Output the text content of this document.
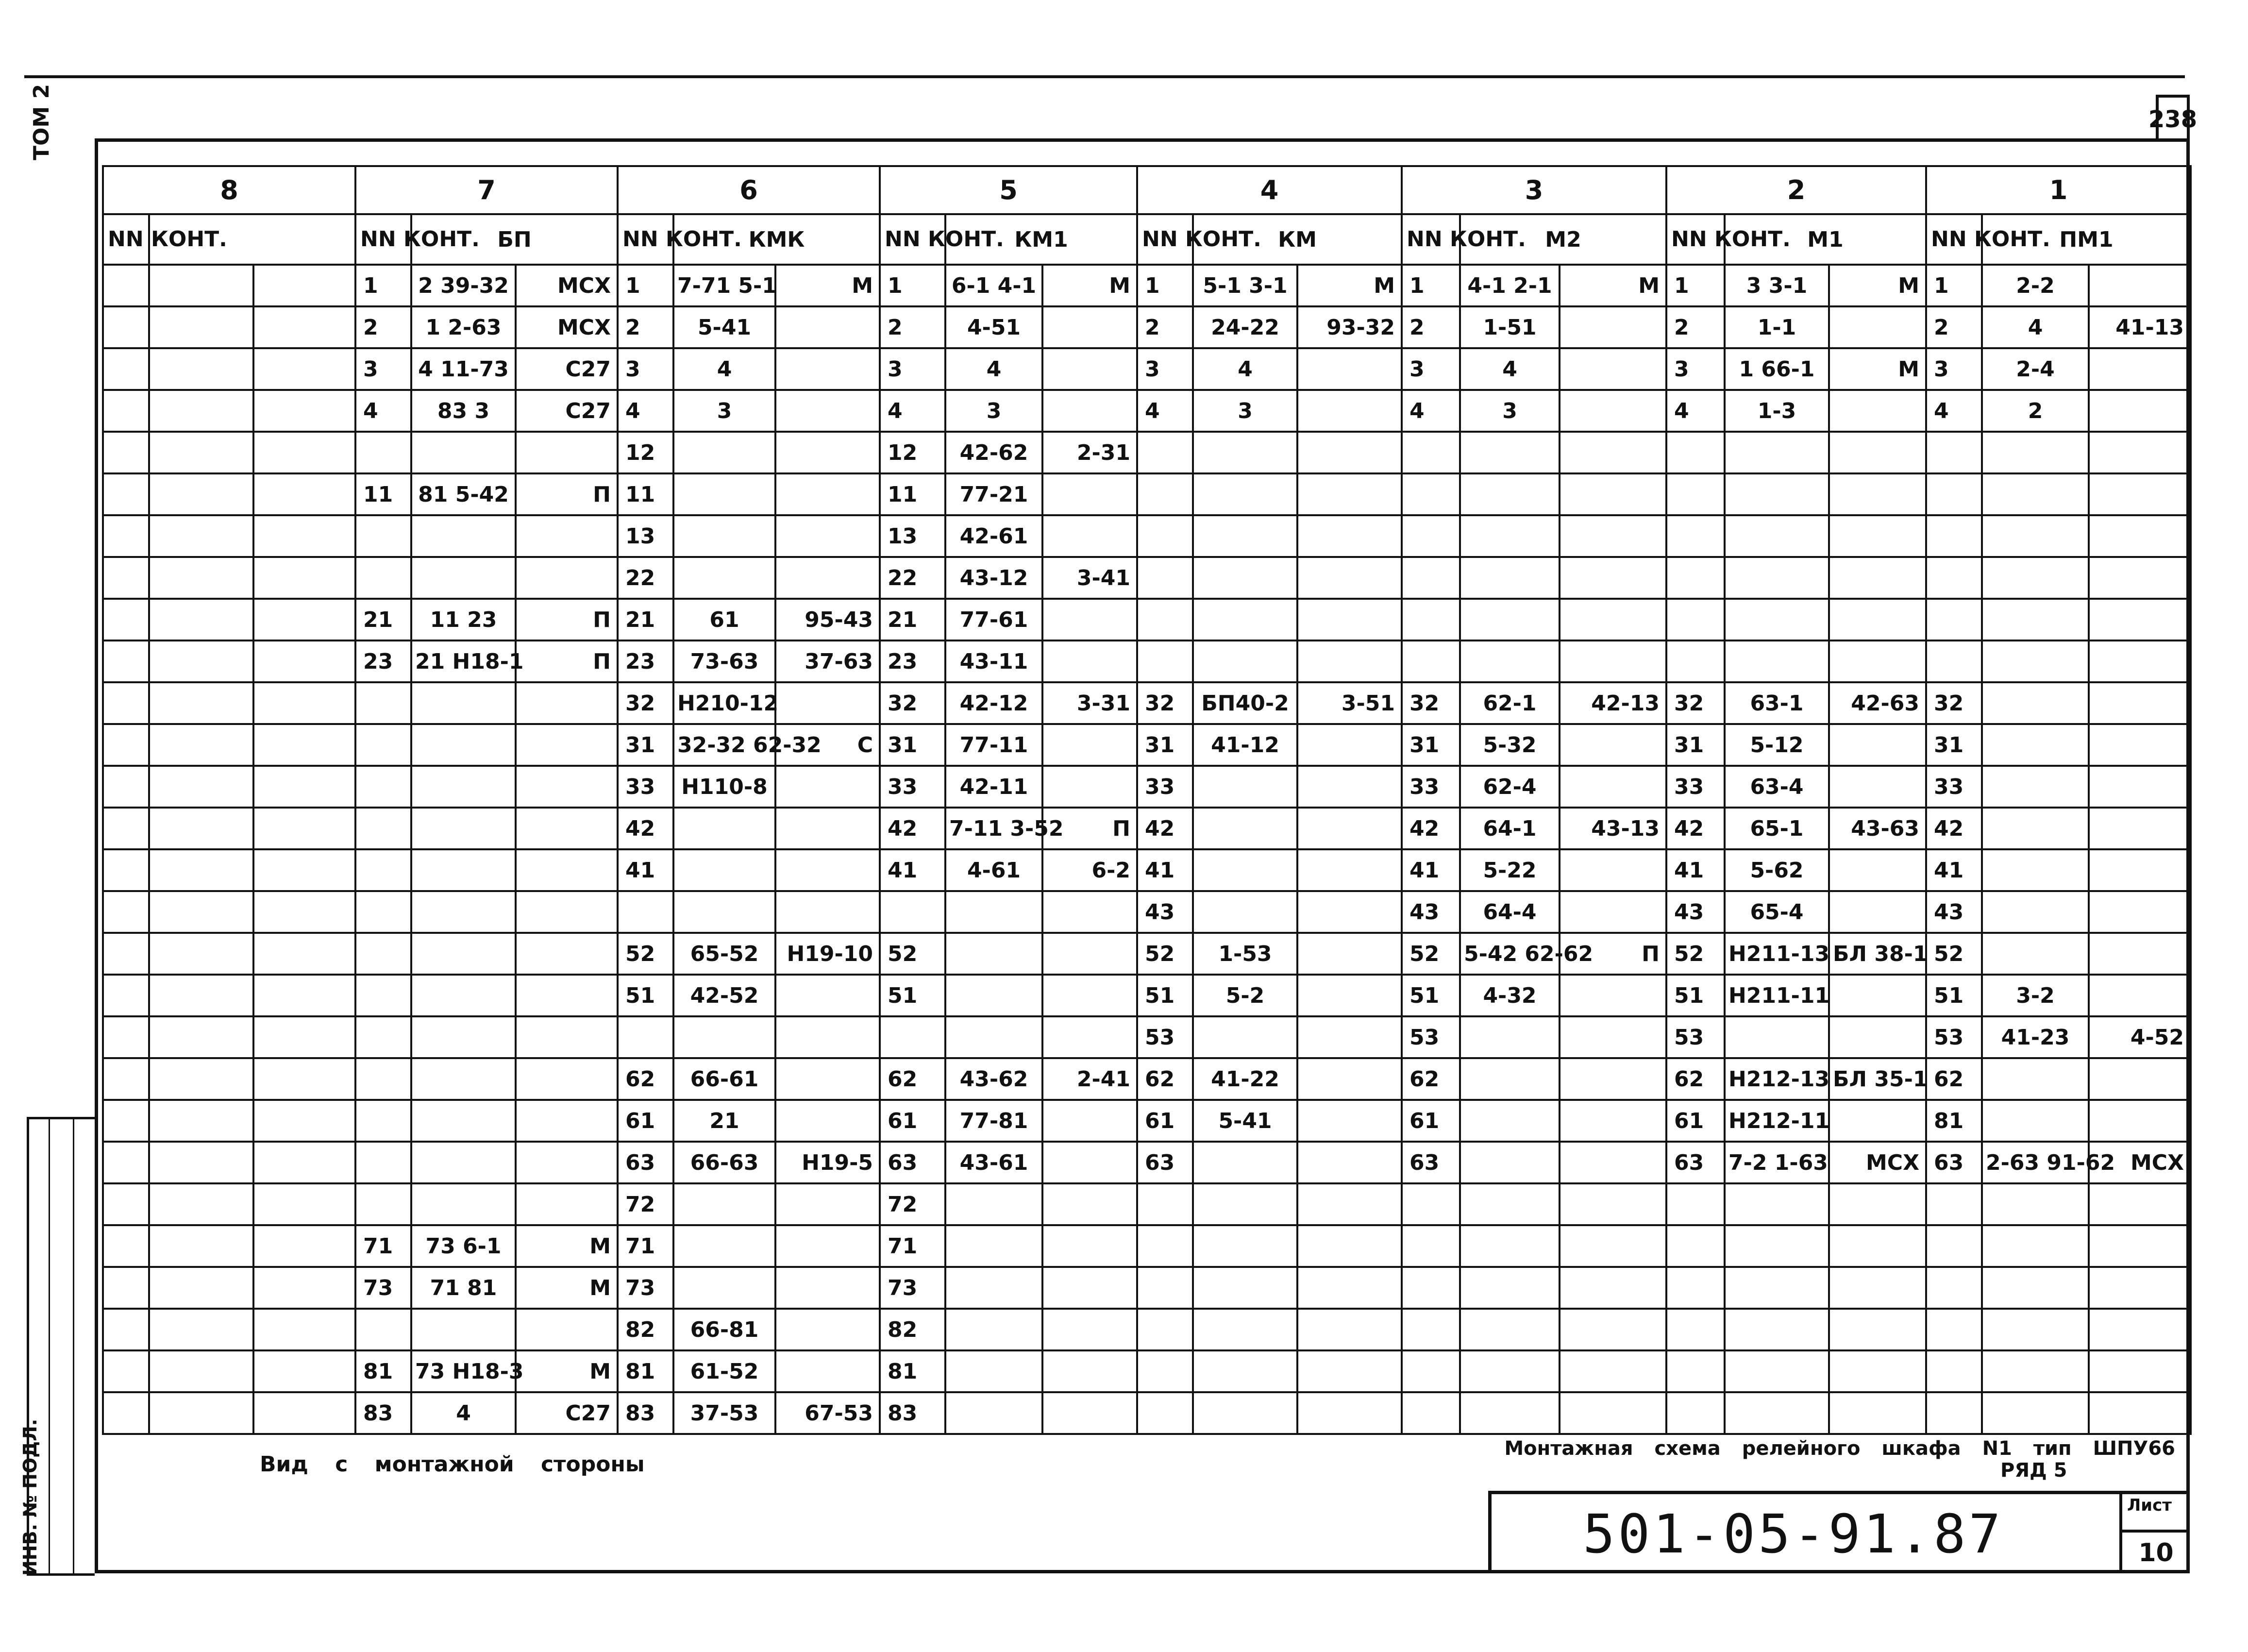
238
ТОМ 2
ИНВ. № ПОДЛ.
8			7			6			5			4			3			2			1		
NN КОНТ.			NN КОНТ.	БП		NN КОНТ.	КМК		NN КОНТ.	КМ1		NN КОНТ.	КМ		NN КОНТ.	М2		NN КОНТ.	М1		NN КОНТ.	ПМ1	
			1	2 39-32	МСХ	1	7-71 5-1	М	1	6-1 4-1	М	1	5-1 3-1	М	1	4-1 2-1	М	1	3 3-1	М	1	2-2	
			2	1 2-63	МСХ	2	5-41		2	4-51		2	24-22	93-32	2	1-51		2	1-1		2	4	41-13
			3	4 11-73	С27	3	4		3	4		3	4		3	4		3	1 66-1	М	3	2-4	
			4	83 3	С27	4	3		4	3		4	3		4	3		4	1-3		4	2	
						12			12	42-62	2-31												
			11	81 5-42	П	11			11	77-21													
						13			13	42-61													
						22			22	43-12	3-41												
			21	11 23	П	21	61	95-43	21	77-61													
			23	21 Н18-1	П	23	73-63	37-63	23	43-11													
						32	Н210-12		32	42-12	3-31	32	БП40-2	3-51	32	62-1	42-13	32	63-1	42-63	32		
						31	32-32 62-32	С	31	77-11		31	41-12		31	5-32		31	5-12		31		
						33	Н110-8		33	42-11		33			33	62-4		33	63-4		33		
						42			42	7-11 3-52	П	42			42	64-1	43-13	42	65-1	43-63	42		
						41			41	4-61	6-2	41			41	5-22		41	5-62		41		
												43			43	64-4		43	65-4		43		
						52	65-52	Н19-10	52			52	1-53		52	5-42 62-62	П	52	Н211-13	БЛ 38-1	52		
						51	42-52		51			51	5-2		51	4-32		51	Н211-11		51	3-2	
												53			53			53			53	41-23	4-52
						62	66-61		62	43-62	2-41	62	41-22		62			62	Н212-13	БЛ 35-1	62		
						61	21		61	77-81		61	5-41		61			61	Н212-11		81		
						63	66-63	Н19-5	63	43-61		63			63			63	7-2 1-63	МСХ	63	2-63 91-62	МСХ
						72			72														
			71	73 6-1	М	71			71														
			73	71 81	М	73			73														
						82	66-81		82														
			81	73 Н18-3	М	81	61-52		81														
			83	4	С27	83	37-53	67-53	83														
Вид с монтажной стороны
Монтажная схема релейного шкафа N1 тип ШПУ66
РЯД 5
501-05-91.87	Лист
10
